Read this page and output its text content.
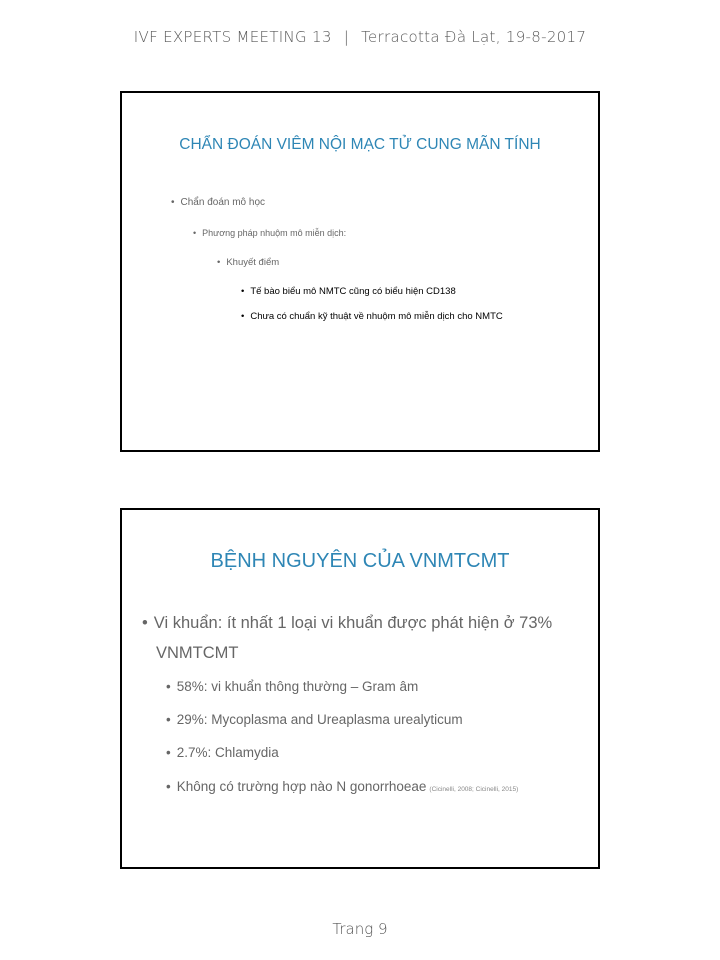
IVF EXPERTS MEETING 13 | Terracotta Đà Lạt, 19-8-2017
CHẨN ĐOÁN VIÊM NỘI MẠC TỬ CUNG MÃN TÍNH
• Chẩn đoán mô học
• Phương pháp nhuộm mô miễn dịch:
• Khuyết điểm
• Tế bào biểu mô NMTC cũng có biểu hiện CD138
• Chưa có chuẩn kỹ thuật về nhuộm mô miễn dịch cho NMTC
BỆNH NGUYÊN CỦA VNMTCMT
• Vi khuẩn: ít nhất 1 loại vi khuẩn được phát hiện ở 73%
VNMTCMT
• 58%: vi khuẩn thông thường – Gram âm
• 29%: Mycoplasma and Ureaplasma urealyticum
• 2.7%: Chlamydia
• Không có trường hợp nào N gonorrhoeae (Cicinelli, 2008; Cicinelli, 2015)
Trang 9
